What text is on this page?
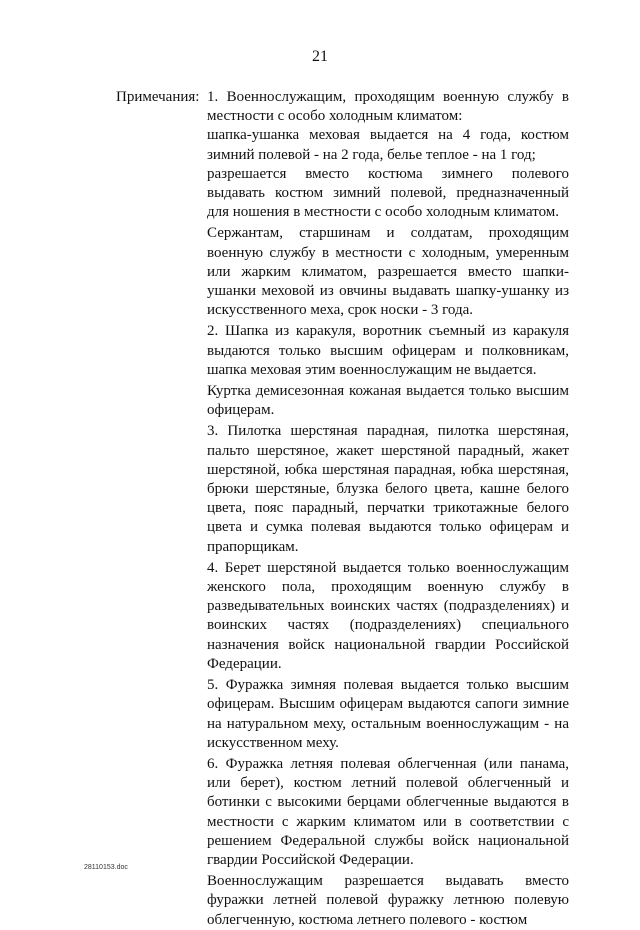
21
Примечания: 1. Военнослужащим, проходящим военную службу в местности с особо холодным климатом:

шапка-ушанка меховая выдается на 4 года, костюм зимний полевой - на 2 года, белье теплое - на 1 год;

разрешается вместо костюма зимнего полевого выдавать костюм зимний полевой, предназначенный для ношения в местности с особо холодным климатом.

Сержантам, старшинам и солдатам, проходящим военную службу в местности с холодным, умеренным или жарким климатом, разрешается вместо шапки-ушанки меховой из овчины выдавать шапку-ушанку из искусственного меха, срок носки - 3 года.

2. Шапка из каракуля, воротник съемный из каракуля выдаются только высшим офицерам и полковникам, шапка меховая этим военнослужащим не выдается.

Куртка демисезонная кожаная выдается только высшим офицерам.

3. Пилотка шерстяная парадная, пилотка шерстяная, пальто шерстяное, жакет шерстяной парадный, жакет шерстяной, юбка шерстяная парадная, юбка шерстяная, брюки шерстяные, блузка белого цвета, кашне белого цвета, пояс парадный, перчатки трикотажные белого цвета и сумка полевая выдаются только офицерам и прапорщикам.

4. Берет шерстяной выдается только военнослужащим женского пола, проходящим военную службу в разведывательных воинских частях (подразделениях) и воинских частях (подразделениях) специального назначения войск национальной гвардии Российской Федерации.

5. Фуражка зимняя полевая выдается только высшим офицерам. Высшим офицерам выдаются сапоги зимние на натуральном меху, остальным военнослужащим - на искусственном меху.

6. Фуражка летняя полевая облегченная (или панама, или берет), костюм летний полевой облегченный и ботинки с высокими берцами облегченные выдаются в местности с жарким климатом или в соответствии с решением Федеральной службы войск национальной гвардии Российской Федерации.

Военнослужащим разрешается выдавать вместо фуражки летней полевой фуражку летнюю полевую облегченную, костюма летнего полевого - костюм

28110153.doc
